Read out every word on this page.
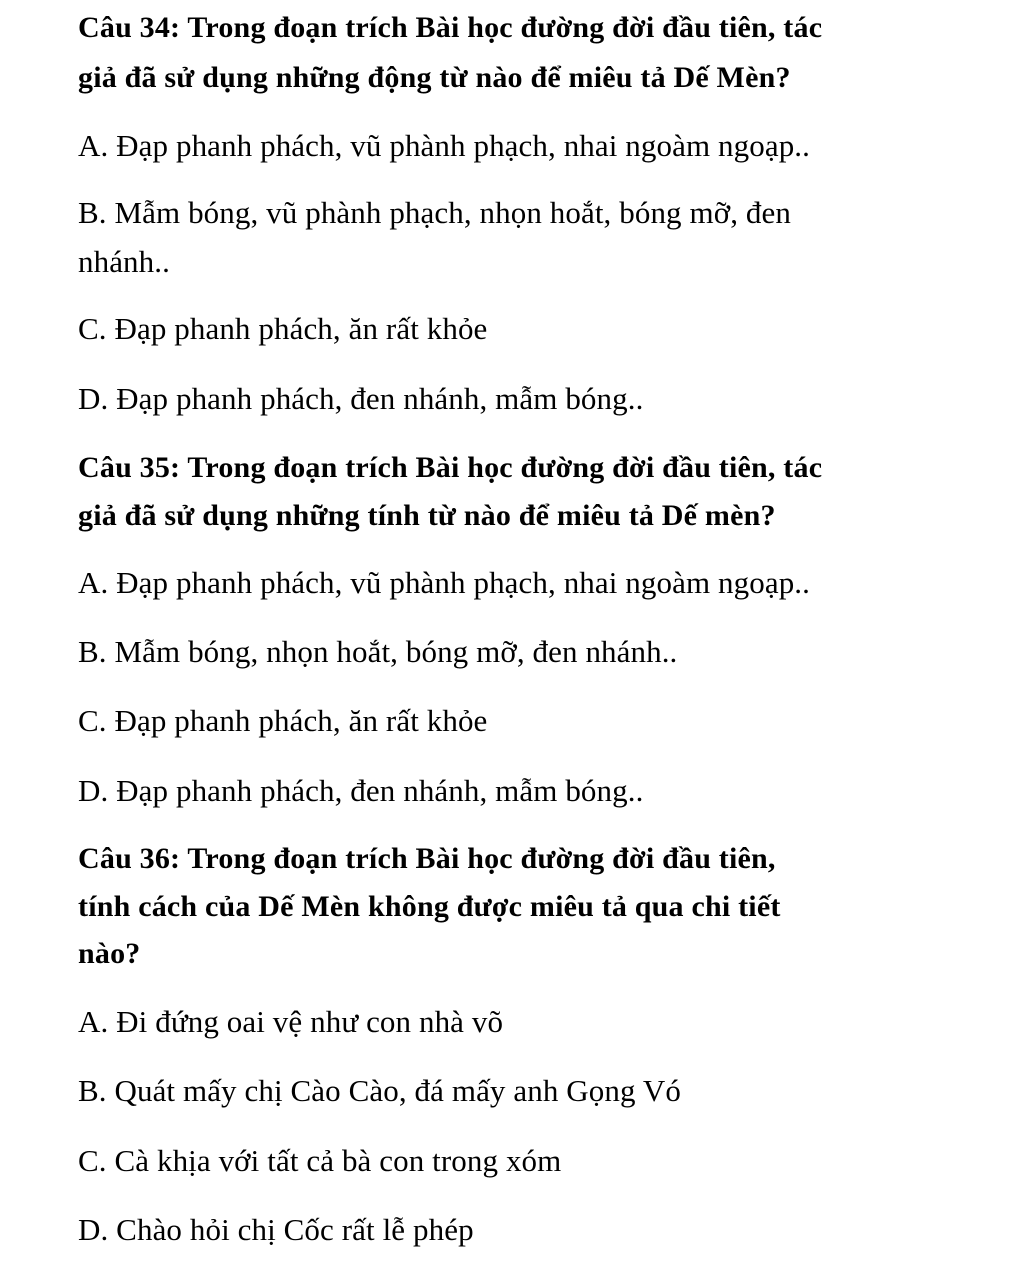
Câu 34: Trong đoạn trích Bài học đường đời đầu tiên, tác
giả đã sử dụng những động từ nào để miêu tả Dế Mèn?
A. Đạp phanh phách, vũ phành phạch, nhai ngoàm ngoạp..
B. Mẫm bóng, vũ phành phạch, nhọn hoắt, bóng mỡ, đen
nhánh..
C. Đạp phanh phách, ăn rất khỏe
D. Đạp phanh phách, đen nhánh, mẫm bóng..
Câu 35: Trong đoạn trích Bài học đường đời đầu tiên, tác
giả đã sử dụng những tính từ nào để miêu tả Dế mèn?
A. Đạp phanh phách, vũ phành phạch, nhai ngoàm ngoạp..
B. Mẫm bóng, nhọn hoắt, bóng mỡ, đen nhánh..
C. Đạp phanh phách, ăn rất khỏe
D. Đạp phanh phách, đen nhánh, mẫm bóng..
Câu 36: Trong đoạn trích Bài học đường đời đầu tiên,
tính cách của Dế Mèn không được miêu tả qua chi tiết
nào?
A. Đi đứng oai vệ như con nhà võ
B. Quát mấy chị Cào Cào, đá mấy anh Gọng Vó
C. Cà khịa với tất cả bà con trong xóm
D. Chào hỏi chị Cốc rất lễ phép
